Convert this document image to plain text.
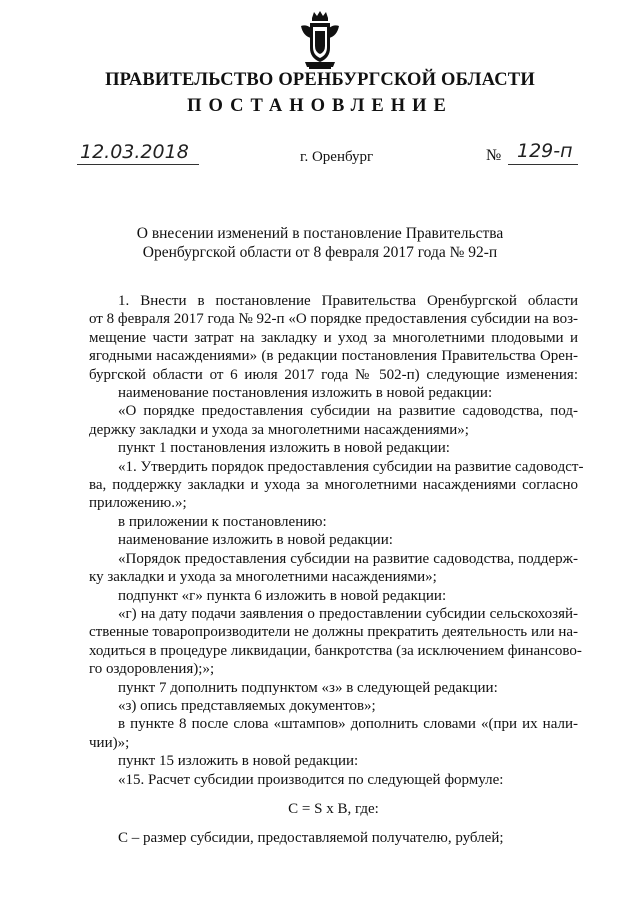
ПРАВИТЕЛЬСТВО ОРЕНБУРГСКОЙ ОБЛАСТИ
ПОСТАНОВЛЕНИЕ
12.03.2018	г. Оренбург	№ 129-п
О внесении изменений в постановление Правительства
Оренбургской области от 8 февраля 2017 года № 92-п
1. Внести в постановление Правительства Оренбургской области
от 8 февраля 2017 года № 92-п «О порядке предоставления субсидии на воз-
мещение части затрат на закладку и уход за многолетними плодовыми и
ягодными насаждениями» (в редакции постановления Правительства Орен-
бургской области от 6 июля 2017 года № 502-п) следующие изменения:
наименование постановления изложить в новой редакции:
«О порядке предоставления субсидии на развитие садоводства, под-
держку закладки и ухода за многолетними насаждениями»;
пункт 1 постановления изложить в новой редакции:
«1. Утвердить порядок предоставления субсидии на развитие садоводст-
ва, поддержку закладки и ухода за многолетними насаждениями согласно
приложению.»;
в приложении к постановлению:
наименование изложить в новой редакции:
«Порядок предоставления субсидии на развитие садоводства, поддерж-
ку закладки и ухода за многолетними насаждениями»;
подпункт «г» пункта 6 изложить в новой редакции:
«г) на дату подачи заявления о предоставлении субсидии сельскохозяй-
ственные товаропроизводители не должны прекратить деятельность или на-
ходиться в процедуре ликвидации, банкротства (за исключением финансово-
го оздоровления);»;
пункт 7 дополнить подпунктом «з» в следующей редакции:
«з) опись представляемых документов»;
в пункте 8 после слова «штампов» дополнить словами «(при их нали-
чии)»;
пункт 15 изложить в новой редакции:
«15. Расчет субсидии производится по следующей формуле:
С = S х В, где:
С – размер субсидии, предоставляемой получателю, рублей;
